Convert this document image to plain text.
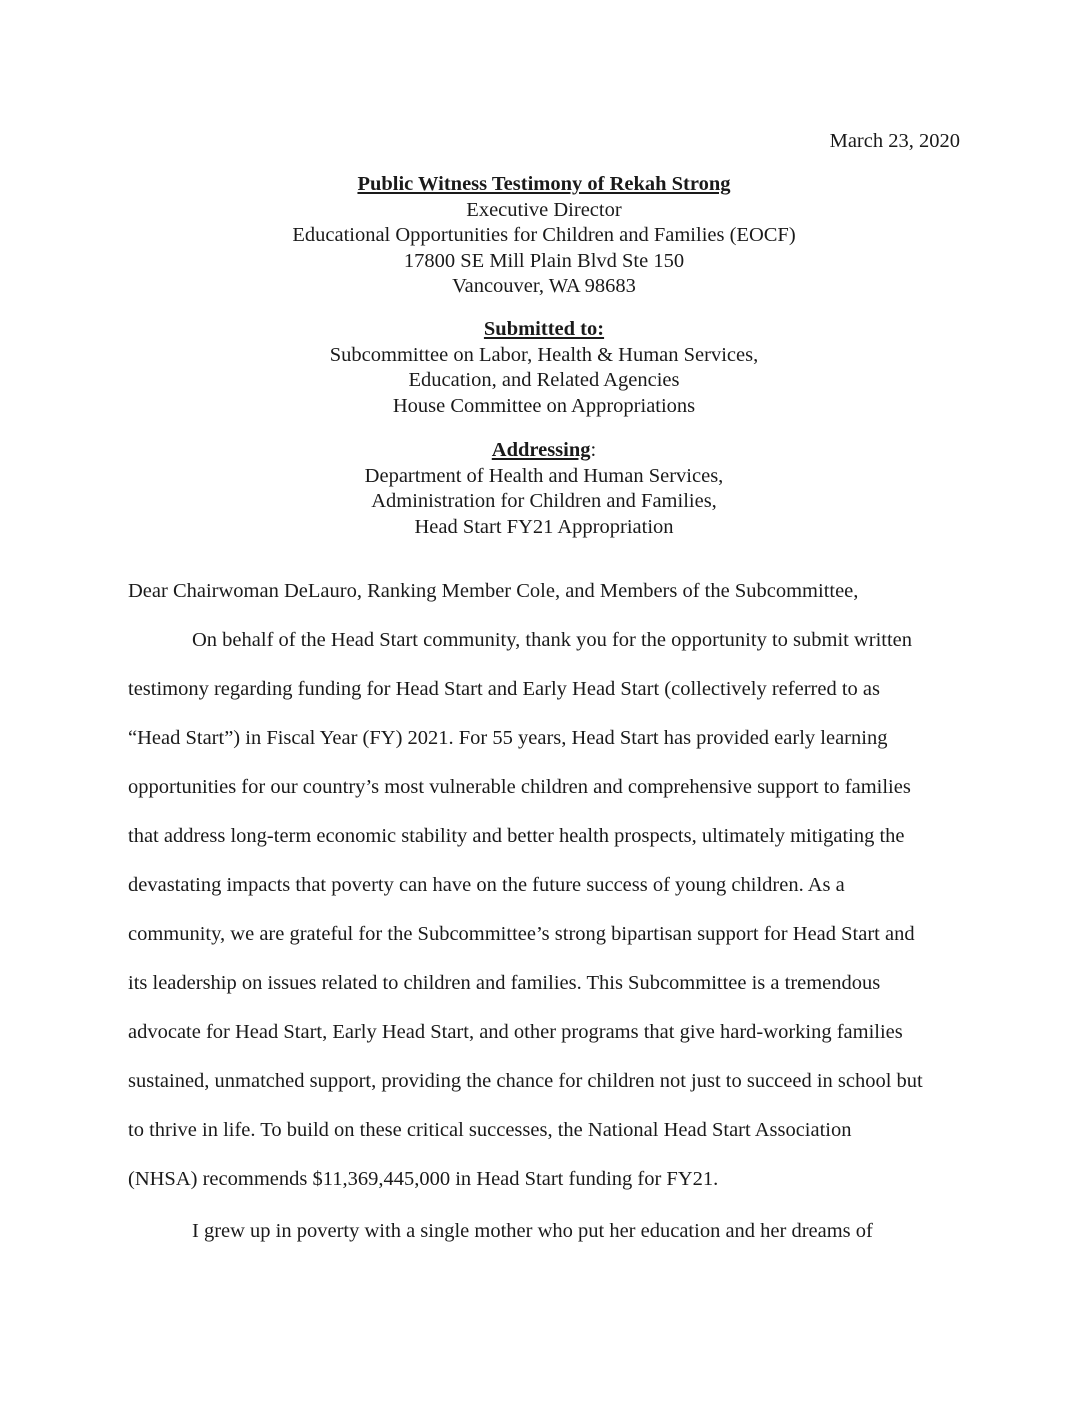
March 23, 2020
Public Witness Testimony of Rekah Strong
Executive Director
Educational Opportunities for Children and Families (EOCF)
17800 SE Mill Plain Blvd Ste 150
Vancouver, WA 98683
Submitted to:
Subcommittee on Labor, Health & Human Services,
Education, and Related Agencies
House Committee on Appropriations
Addressing:
Department of Health and Human Services,
Administration for Children and Families,
Head Start FY21 Appropriation
Dear Chairwoman DeLauro, Ranking Member Cole, and Members of the Subcommittee,
On behalf of the Head Start community, thank you for the opportunity to submit written
testimony regarding funding for Head Start and Early Head Start (collectively referred to as
“Head Start”) in Fiscal Year (FY) 2021. For 55 years, Head Start has provided early learning
opportunities for our country’s most vulnerable children and comprehensive support to families
that address long-term economic stability and better health prospects, ultimately mitigating the
devastating impacts that poverty can have on the future success of young children. As a
community, we are grateful for the Subcommittee’s strong bipartisan support for Head Start and
its leadership on issues related to children and families. This Subcommittee is a tremendous
advocate for Head Start, Early Head Start, and other programs that give hard-working families
sustained, unmatched support, providing the chance for children not just to succeed in school but
to thrive in life. To build on these critical successes, the National Head Start Association
(NHSA) recommends $11,369,445,000 in Head Start funding for FY21.
I grew up in poverty with a single mother who put her education and her dreams of
